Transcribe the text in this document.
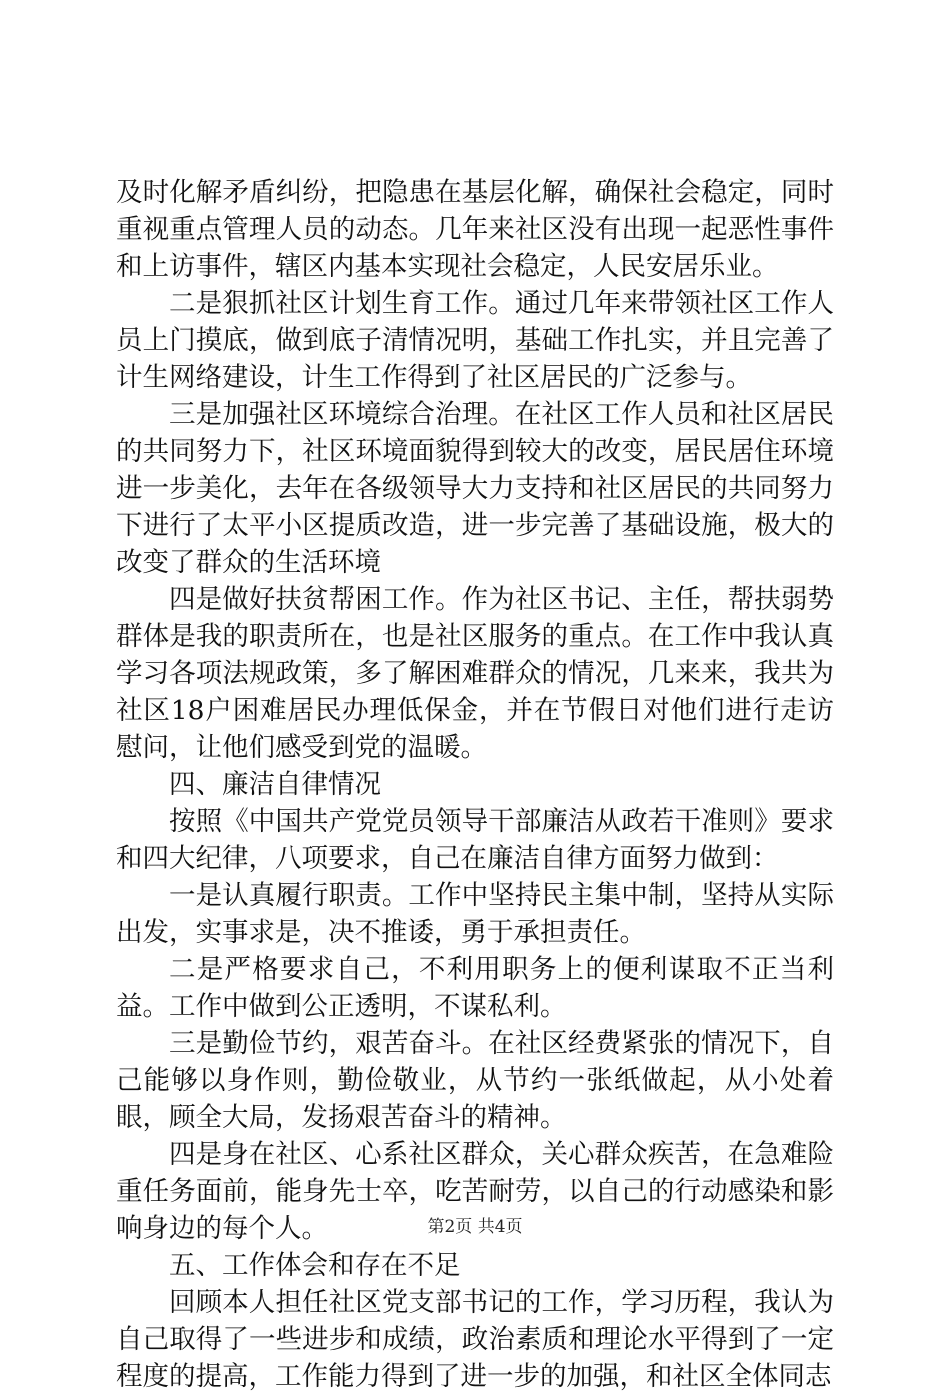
及时化解矛盾纠纷，把隐患在基层化解，确保社会稳定，同时重视重点管理人员的动态。几年来社区没有出现一起恶性事件和上访事件，辖区内基本实现社会稳定，人民安居乐业。

二是狠抓社区计划生育工作。通过几年来带领社区工作人员上门摸底，做到底子清情况明，基础工作扎实，并且完善了计生网络建设，计生工作得到了社区居民的广泛参与。

三是加强社区环境综合治理。在社区工作人员和社区居民的共同努力下，社区环境面貌得到较大的改变，居民居住环境进一步美化，去年在各级领导大力支持和社区居民的共同努力下进行了太平小区提质改造，进一步完善了基础设施，极大的改变了群众的生活环境

四是做好扶贫帮困工作。作为社区书记、主任，帮扶弱势群体是我的职责所在，也是社区服务的重点。在工作中我认真学习各项法规政策，多了解困难群众的情况，几来来，我共为社区18户困难居民办理低保金，并在节假日对他们进行走访慰问，让他们感受到党的温暖。

四、廉洁自律情况

按照《中国共产党党员领导干部廉洁从政若干准则》要求和四大纪律，八项要求，自己在廉洁自律方面努力做到：

一是认真履行职责。工作中坚持民主集中制，坚持从实际出发，实事求是，决不推诿，勇于承担责任。

二是严格要求自己，不利用职务上的便利谋取不正当利益。工作中做到公正透明，不谋私利。

三是勤俭节约，艰苦奋斗。在社区经费紧张的情况下，自己能够以身作则，勤俭敬业，从节约一张纸做起，从小处着眼，顾全大局，发扬艰苦奋斗的精神。

四是身在社区、心系社区群众，关心群众疾苦，在急难险重任务面前，能身先士卒，吃苦耐劳，以自己的行动感染和影响身边的每个人。

五、工作体会和存在不足

回顾本人担任社区党支部书记的工作，学习历程，我认为自己取得了一些进步和成绩，政治素质和理论水平得到了一定程度的提高，工作能力得到了进一步的加强，和社区全体同志

第2页 共4页
